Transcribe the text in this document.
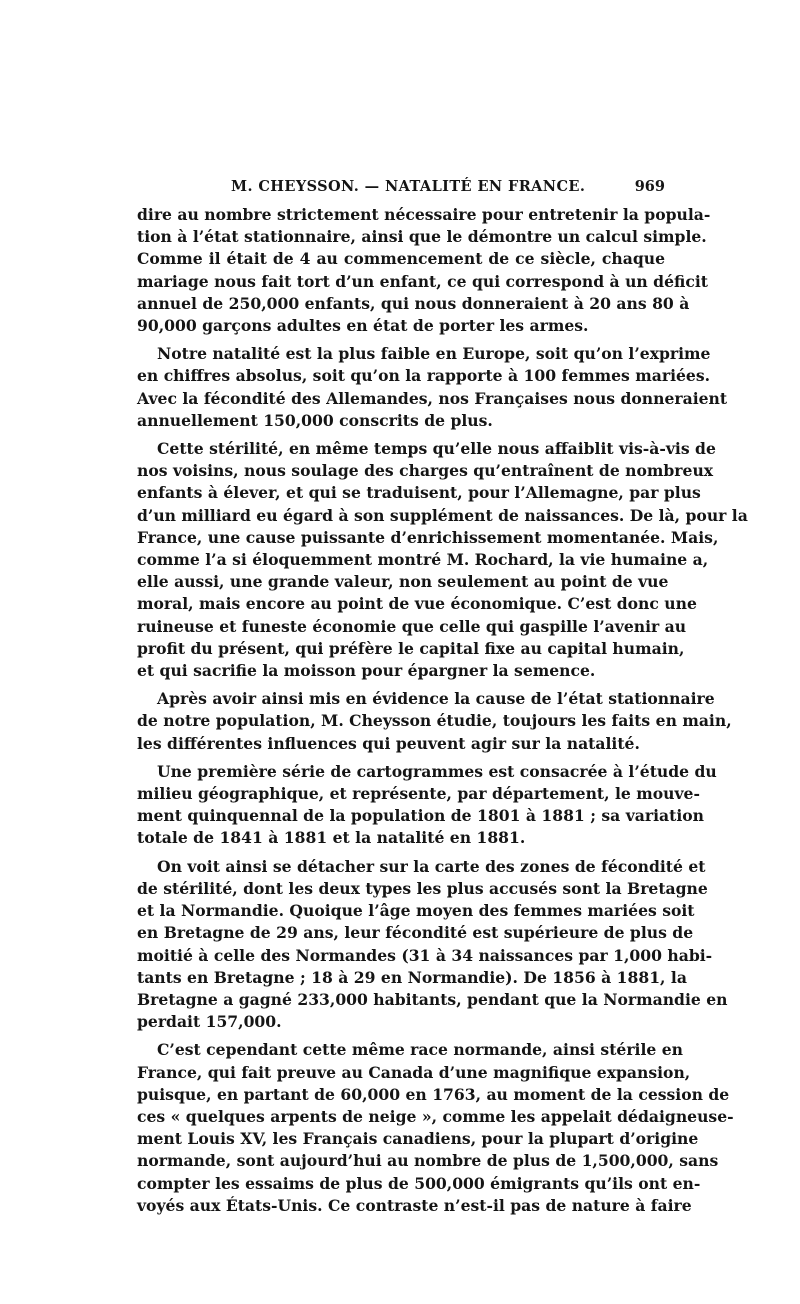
M. CHEYSSON. — NATALITÉ EN FRANCE.	969
dire au nombre strictement nécessaire pour entretenir la popula-
tion à l’état stationnaire, ainsi que le démontre un calcul simple.
Comme il était de 4 au commencement de ce siècle, chaque
mariage nous fait tort d’un enfant, ce qui correspond à un déficit
annuel de 250,000 enfants, qui nous donneraient à 20 ans 80 à
90,000 garçons adultes en état de porter les armes.
Notre natalité est la plus faible en Europe, soit qu’on l’exprime
en chiffres absolus, soit qu’on la rapporte à 100 femmes mariées.
Avec la fécondité des Allemandes, nos Françaises nous donneraient
annuellement 150,000 conscrits de plus.
Cette stérilité, en même temps qu’elle nous affaiblit vis-à-vis de
nos voisins, nous soulage des charges qu’entraînent de nombreux
enfants à élever, et qui se traduisent, pour l’Allemagne, par plus
d’un milliard eu égard à son supplément de naissances. De là, pour la
France, une cause puissante d’enrichissement momentanée. Mais,
comme l’a si éloquemment montré M. Rochard, la vie humaine a,
elle aussi, une grande valeur, non seulement au point de vue
moral, mais encore au point de vue économique. C’est donc une
ruineuse et funeste économie que celle qui gaspille l’avenir au
profit du présent, qui préfère le capital fixe au capital humain,
et qui sacrifie la moisson pour épargner la semence.
Après avoir ainsi mis en évidence la cause de l’état stationnaire
de notre population, M. Cheysson étudie, toujours les faits en main,
les différentes influences qui peuvent agir sur la natalité.
Une première série de cartogrammes est consacrée à l’étude du
milieu géographique, et représente, par département, le mouve-
ment quinquennal de la population de 1801 à 1881 ; sa variation
totale de 1841 à 1881 et la natalité en 1881.
On voit ainsi se détacher sur la carte des zones de fécondité et
de stérilité, dont les deux types les plus accusés sont la Bretagne
et la Normandie. Quoique l’âge moyen des femmes mariées soit
en Bretagne de 29 ans, leur fécondité est supérieure de plus de
moitié à celle des Normandes (31 à 34 naissances par 1,000 habi-
tants en Bretagne ; 18 à 29 en Normandie). De 1856 à 1881, la
Bretagne a gagné 233,000 habitants, pendant que la Normandie en
perdait 157,000.
C’est cependant cette même race normande, ainsi stérile en
France, qui fait preuve au Canada d’une magnifique expansion,
puisque, en partant de 60,000 en 1763, au moment de la cession de
ces « quelques arpents de neige », comme les appelait dédaigneuse-
ment Louis XV, les Français canadiens, pour la plupart d’origine
normande, sont aujourd’hui au nombre de plus de 1,500,000, sans
compter les essaims de plus de 500,000 émigrants qu’ils ont en-
voyés aux États-Unis. Ce contraste n’est-il pas de nature à faire
